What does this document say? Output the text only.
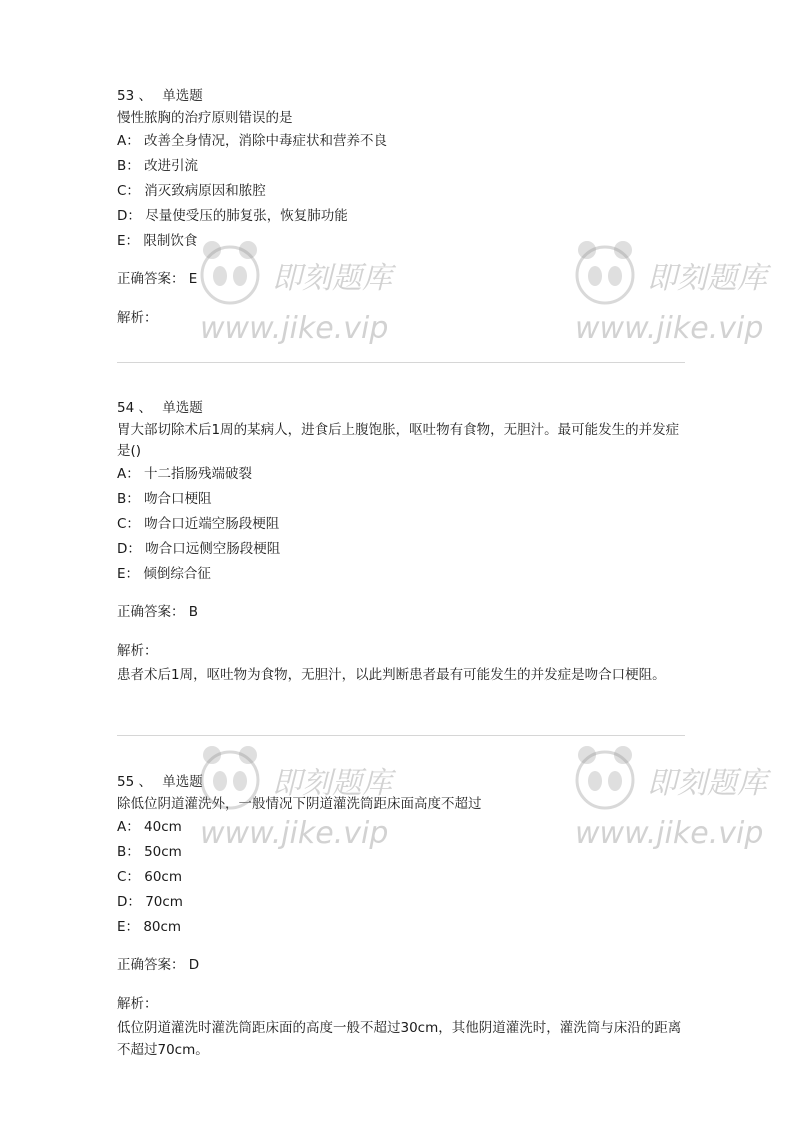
53 、 单选题
慢性脓胸的治疗原则错误的是
A： 改善全身情况，消除中毒症状和营养不良
B： 改进引流
C： 消灭致病原因和脓腔
D： 尽量使受压的肺复张，恢复肺功能
E： 限制饮食
正确答案： E
解析：
54 、 单选题
胃大部切除术后1周的某病人，进食后上腹饱胀，呕吐物有食物，无胆汁。最可能发生的并发症是()
A： 十二指肠残端破裂
B： 吻合口梗阻
C： 吻合口近端空肠段梗阻
D： 吻合口远侧空肠段梗阻
E： 倾倒综合征
正确答案： B
解析：
患者术后1周，呕吐物为食物，无胆汁，以此判断患者最有可能发生的并发症是吻合口梗阻。
55 、 单选题
除低位阴道灌洗外，一般情况下阴道灌洗筒距床面高度不超过
A： 40cm
B： 50cm
C： 60cm
D： 70cm
E： 80cm
正确答案： D
解析：
低位阴道灌洗时灌洗筒距床面的高度一般不超过30cm，其他阴道灌洗时，灌洗筒与床沿的距离不超过70cm。
即刻题库
www.jike.vip
即刻题库
www.jike.vip
即刻题库
www.jike.vip
即刻题库
www.jike.vip
